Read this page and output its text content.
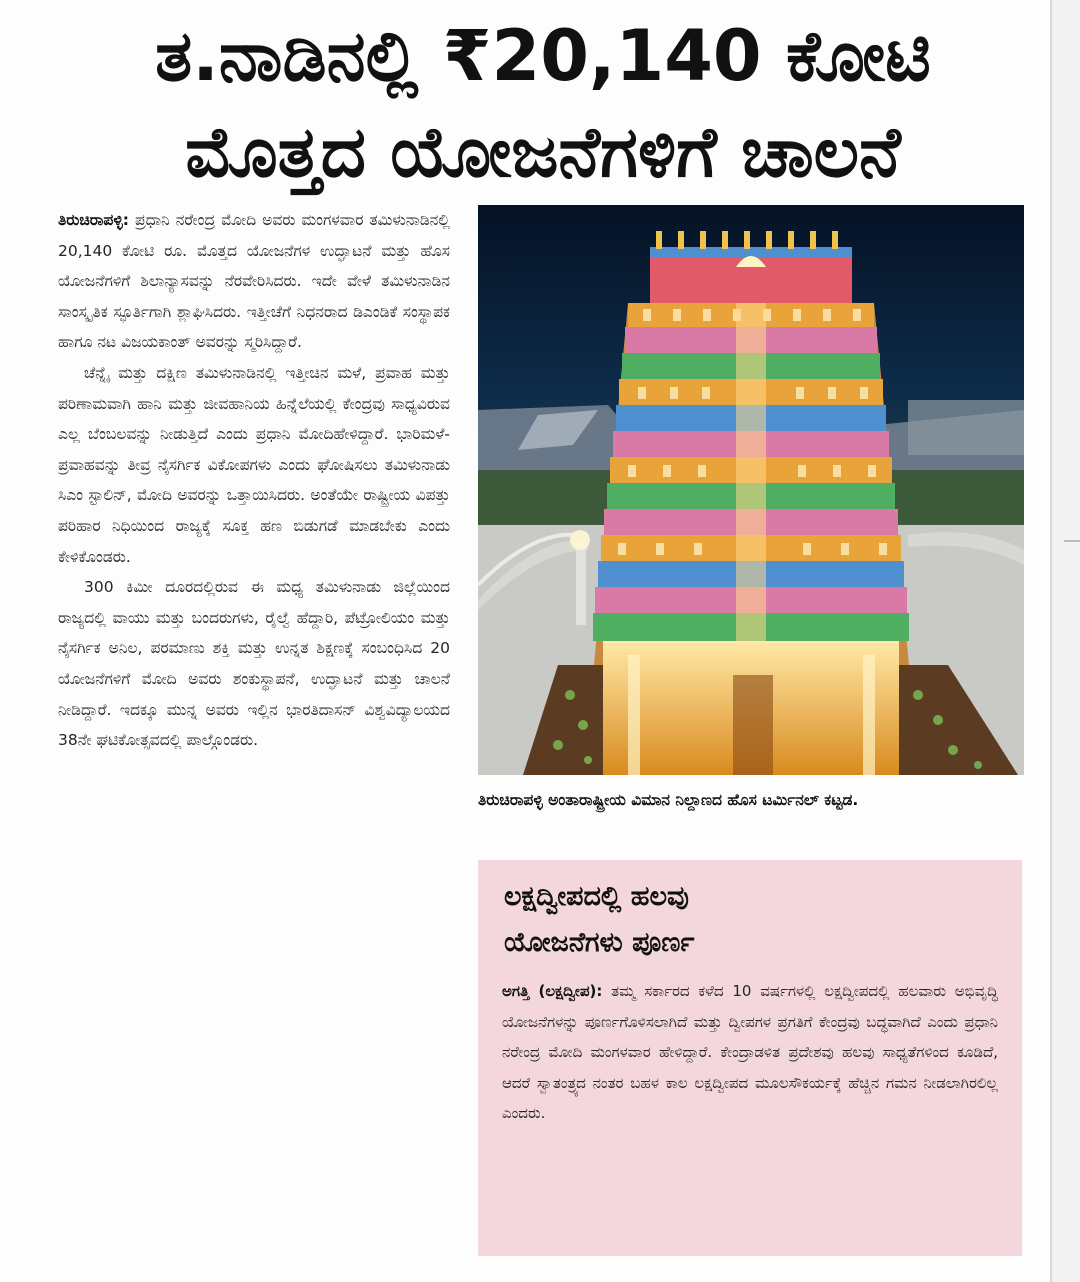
ತ.ನಾಡಿನಲ್ಲಿ ₹20,140 ಕೋಟಿ
ಮೊತ್ತದ ಯೋಜನೆಗಳಿಗೆ ಚಾಲನೆ

ತಿರುಚಿರಾಪಳ್ಳಿ: ಪ್ರಧಾನಿ ನರೇಂದ್ರ ಮೋದಿ ಅವರು ಮಂಗಳವಾರ ತಮಿಳುನಾಡಿನಲ್ಲಿ 20,140 ಕೋಟಿ ರೂ. ಮೊತ್ತದ ಯೋಜನೆಗಳ ಉದ್ಘಾಟನೆ ಮತ್ತು ಹೊಸ ಯೋಜನೆಗಳಿಗೆ ಶಿಲಾನ್ಯಾಸವನ್ನು ನೆರವೇರಿಸಿದರು. ಇದೇ ವೇಳೆ ತಮಿಳುನಾಡಿನ ಸಾಂಸ್ಕೃತಿಕ ಸ್ಫೂರ್ತಿಗಾಗಿ ಶ್ಲಾಘಿಸಿದರು. ಇತ್ತೀಚೆಗೆ ನಿಧನರಾದ ಡಿಎಂಡಿಕೆ ಸಂಸ್ಥಾಪಕ ಹಾಗೂ ನಟ ವಿಜಯಕಾಂತ್ ಅವರನ್ನು ಸ್ಮರಿಸಿದ್ದಾರೆ.

ಚೆನ್ನೈ ಮತ್ತು ದಕ್ಷಿಣ ತಮಿಳುನಾಡಿನಲ್ಲಿ ಇತ್ತೀಚಿನ ಮಳೆ, ಪ್ರವಾಹ ಮತ್ತು ಪರಿಣಾಮವಾಗಿ ಹಾನಿ ಮತ್ತು ಜೀವಹಾನಿಯ ಹಿನ್ನೆಲೆಯಲ್ಲಿ ಕೇಂದ್ರವು ಸಾಧ್ಯವಿರುವ ಎಲ್ಲ ಬೆಂಬಲವನ್ನು ನೀಡುತ್ತಿದೆ ಎಂದು ಪ್ರಧಾನಿ ಮೋದಿಹೇಳಿದ್ದಾರೆ. ಭಾರಿಮಳೆ-ಪ್ರವಾಹವನ್ನು ತೀವ್ರ ನೈಸರ್ಗಿಕ ವಿಕೋಪಗಳು ಎಂದು ಘೋಷಿಸಲು ತಮಿಳುನಾಡು ಸಿಎಂ ಸ್ಟಾಲಿನ್, ಮೋದಿ ಅವರನ್ನು ಒತ್ತಾಯಿಸಿದರು. ಅಂತೆಯೇ ರಾಷ್ಟ್ರೀಯ ವಿಪತ್ತು ಪರಿಹಾರ ನಿಧಿಯಿಂದ ರಾಜ್ಯಕ್ಕೆ ಸೂಕ್ತ ಹಣ ಬಿಡುಗಡೆ ಮಾಡಬೇಕು ಎಂದು ಕೇಳಿಕೊಂಡರು.

300 ಕಿಮೀ ದೂರದಲ್ಲಿರುವ ಈ ಮಧ್ಯ ತಮಿಳುನಾಡು ಜಿಲ್ಲೆಯಿಂದ ರಾಜ್ಯದಲ್ಲಿ ವಾಯು ಮತ್ತು ಬಂದರುಗಳು, ರೈಲ್ವೆ ಹೆದ್ದಾರಿ, ಪೆಟ್ರೋಲಿಯಂ ಮತ್ತು ನೈಸರ್ಗಿಕ ಅನಿಲ, ಪರಮಾಣು ಶಕ್ತಿ ಮತ್ತು ಉನ್ನತ ಶಿಕ್ಷಣಕ್ಕೆ ಸಂಬಂಧಿಸಿದ 20 ಯೋಜನೆಗಳಿಗೆ ಮೋದಿ ಅವರು ಶಂಕುಸ್ಥಾಪನೆ, ಉದ್ಘಾಟನೆ ಮತ್ತು ಚಾಲನೆ ನೀಡಿದ್ದಾರೆ. ಇದಕ್ಕೂ ಮುನ್ನ ಅವರು ಇಲ್ಲಿನ ಭಾರತಿದಾಸನ್ ವಿಶ್ವವಿದ್ಯಾಲಯದ 38ನೇ ಘಟಿಕೋತ್ಸವದಲ್ಲಿ ಪಾಲ್ಗೊಂಡರು.

ತಿರುಚಿರಾಪಳ್ಳಿ ಅಂತಾರಾಷ್ಟ್ರೀಯ ವಿಮಾನ ನಿಲ್ದಾಣದ ಹೊಸ ಟರ್ಮಿನಲ್ ಕಟ್ಟಡ.
ಲಕ್ಷದ್ವೀಪದಲ್ಲಿ ಹಲವು
ಯೋಜನೆಗಳು ಪೂರ್ಣ
ಅಗತ್ತಿ (ಲಕ್ಷದ್ವೀಪ): ತಮ್ಮ ಸರ್ಕಾರದ ಕಳೆದ 10 ವರ್ಷಗಳಲ್ಲಿ ಲಕ್ಷದ್ವೀಪದಲ್ಲಿ ಹಲವಾರು ಅಭಿವೃದ್ಧಿ ಯೋಜನೆಗಳನ್ನು ಪೂರ್ಣಗೊಳಿಸಲಾಗಿದೆ ಮತ್ತು ದ್ವೀಪಗಳ ಪ್ರಗತಿಗೆ ಕೇಂದ್ರವು ಬದ್ಧವಾಗಿದೆ ಎಂದು ಪ್ರಧಾನಿ ನರೇಂದ್ರ ಮೋದಿ ಮಂಗಳವಾರ ಹೇಳಿದ್ದಾರೆ. ಕೇಂದ್ರಾಡಳಿತ ಪ್ರದೇಶವು ಹಲವು ಸಾಧ್ಯತೆಗಳಿಂದ ಕೂಡಿದೆ, ಆದರೆ ಸ್ವಾತಂತ್ರ್ಯದ ನಂತರ ಬಹಳ ಕಾಲ ಲಕ್ಷದ್ವೀಪದ ಮೂಲಸೌಕರ್ಯಕ್ಕೆ ಹೆಚ್ಚಿನ ಗಮನ ನೀಡಲಾಗಿರಲಿಲ್ಲ ಎಂದರು.
